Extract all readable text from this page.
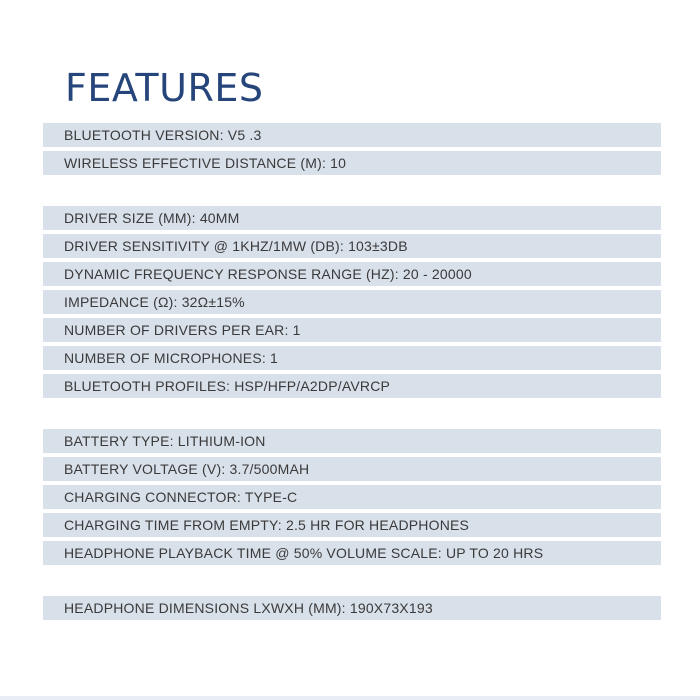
FEATURES
BLUETOOTH VERSION: V5 .3
WIRELESS EFFECTIVE DISTANCE (M): 10
DRIVER SIZE (MM): 40MM
DRIVER SENSITIVITY @ 1KHZ/1MW (DB): 103±3DB
DYNAMIC FREQUENCY RESPONSE RANGE (HZ): 20 - 20000
IMPEDANCE (Ω): 32Ω±15%
NUMBER OF DRIVERS PER EAR: 1
NUMBER OF MICROPHONES: 1
BLUETOOTH PROFILES: HSP/HFP/A2DP/AVRCP
BATTERY TYPE: LITHIUM-ION
BATTERY VOLTAGE (V): 3.7/500MAH
CHARGING CONNECTOR: TYPE-C
CHARGING TIME FROM EMPTY: 2.5 HR FOR HEADPHONES
HEADPHONE PLAYBACK TIME @ 50% VOLUME SCALE: UP TO 20 HRS
HEADPHONE DIMENSIONS LXWXH (MM): 190X73X193
